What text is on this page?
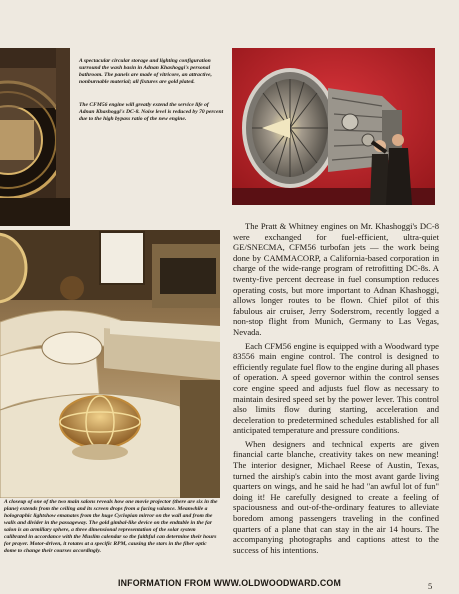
A spectacular circular storage and lighting configuration surround the wash basin in Adnan Khashoggi's personal bathroom. The panels are made of vitricore, an attractive, nonburnable material; all fixtures are gold plated.

The CFM56 engine will greatly extend the service life of Adnan Khashoggi's DC-8. Noise level is reduced by 70 percent due to the high bypass ratio of the new engine.

A closeup of one of the two main salons reveals how one movie projector (there are six in the plane) extends from the ceiling and its screen drops from a facing valance. Meanwhile a holographic lightshow emanates from the huge Cyclopian mirror on the wall and from the walls and divider in the passageway. The gold gimbal-like device on the endtable in the far salon is an armillary sphere, a three dimensional representation of the solar system calibrated in accordance with the Muslim calendar so the faithful can determine their hours for prayer. Motor-driven, it rotates at a specific RPM, causing the stars in the fiber optic dome to change their courses accordingly.

The Pratt & Whitney engines on Mr. Khashoggi's DC-8 were exchanged for fuel-efficient, ultra-quiet GE/SNECMA, CFM56 turbofan jets — the work being done by CAMMACORP, a California-based corporation in charge of the wide-range program of retrofitting DC-8s. A twenty-five percent decrease in fuel consumption reduces operating costs, but more important to Adnan Khashoggi, allows longer routes to be flown. Chief pilot of this fabulous air cruiser, Jerry Soderstrom, recently logged a non-stop flight from Munich, Germany to Las Vegas, Nevada.

Each CFM56 engine is equipped with a Woodward type 83556 main engine control. The control is designed to efficiently regulate fuel flow to the engine during all phases of operation. A speed governor within the control senses core engine speed and adjusts fuel flow as necessary to maintain desired speed set by the power lever. This control also limits flow during starting, acceleration and deceleration to predetermined schedules established for all anticipated temperature and pressure conditions.

When designers and technical experts are given financial carte blanche, creativity takes on new meaning! The interior designer, Michael Reese of Austin, Texas, turned the airship's cabin into the most avant garde living quarters on wings, and he said he had "an awful lot of fun" doing it! He carefully designed to create a feeling of spaciousness and out-of-the-ordinary features to alleviate boredom among passengers traveling in the confined quarters of a plane that can stay in the air 14 hours. The accompanying photographs and captions attest to the success of his intentions.

INFORMATION FROM WWW.OLDWOODWARD.COM	5
